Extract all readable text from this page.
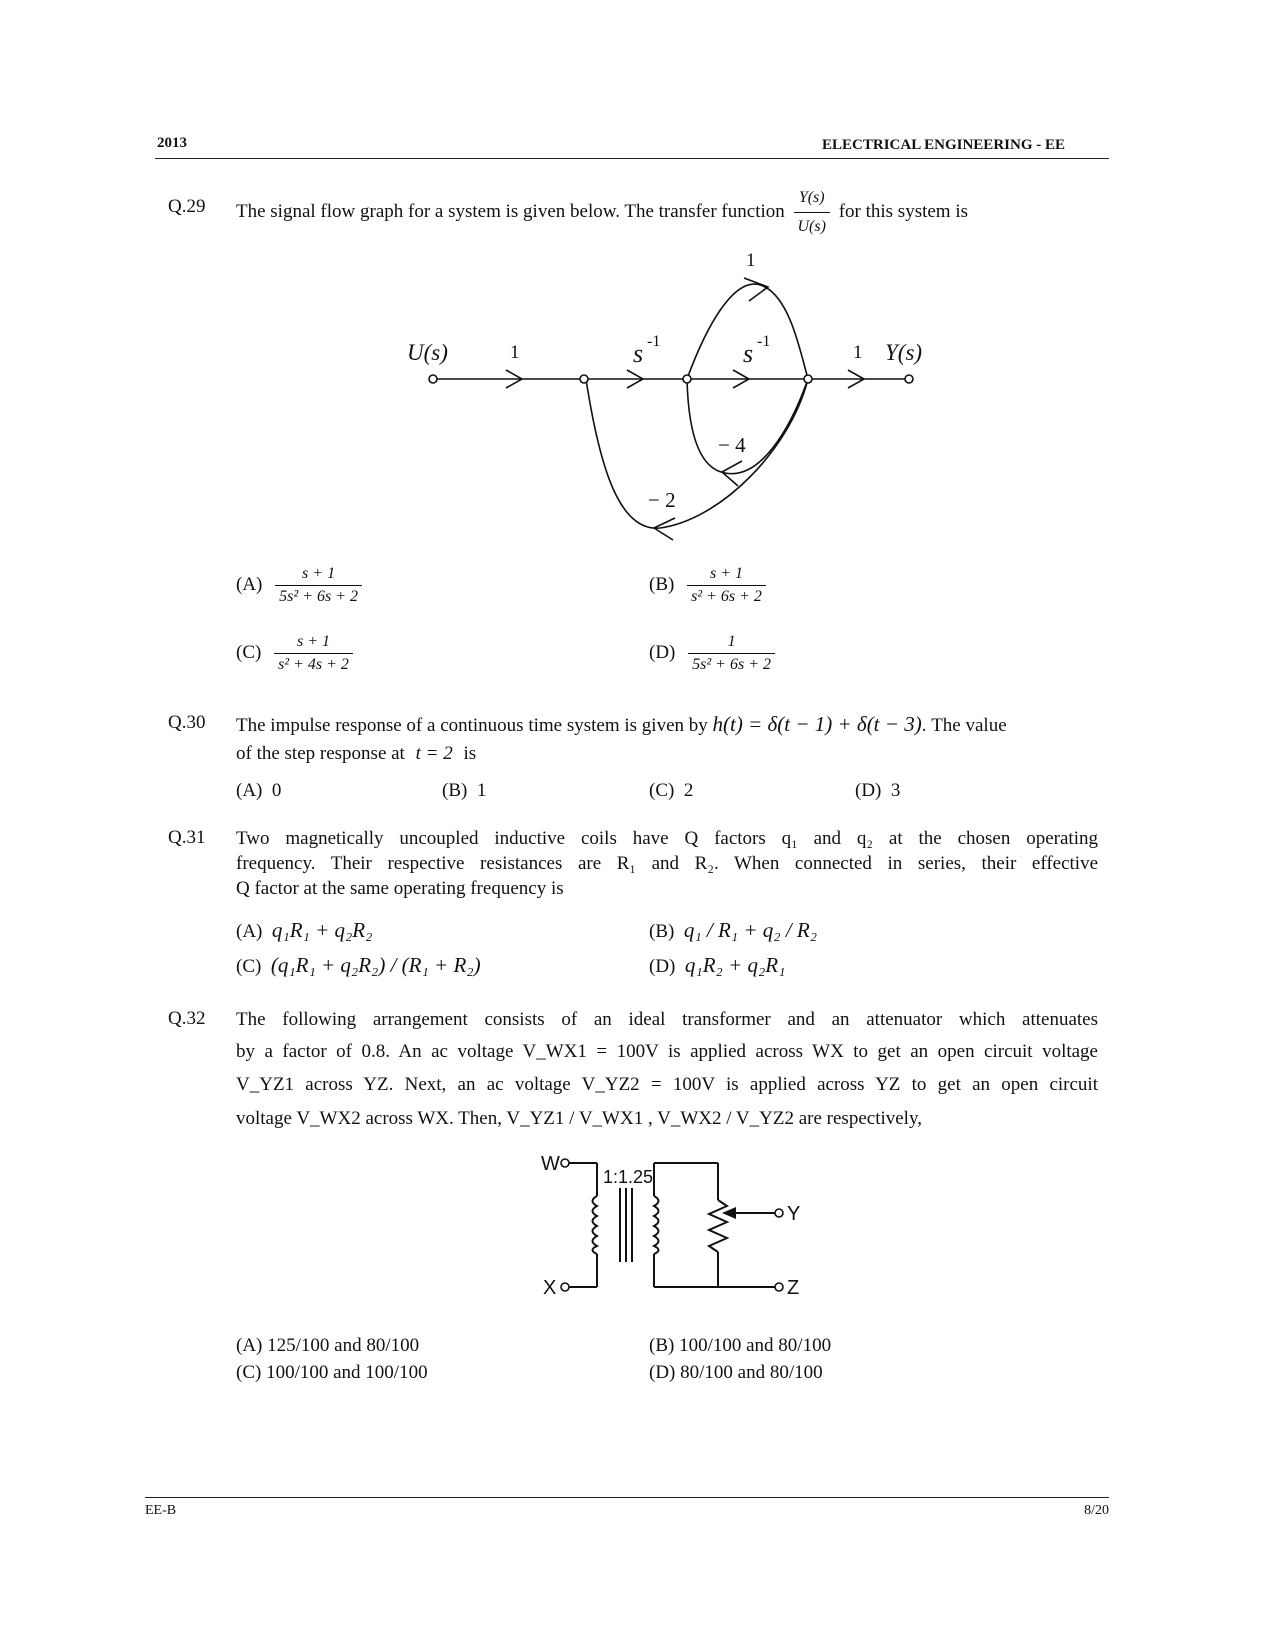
2013	ELECTRICAL ENGINEERING - EE
Q.29 The signal flow graph for a system is given below. The transfer function $\frac{Y(s)}{U(s)}$ for this system is
U(s)	Y(s)
1	s -1	s -1
1
1
− 4
− 2
$(A) \frac{s + 1}{\text{5s² + 6s + 2}}$	$(B) \frac{s + 1}{\text{s² + 6s + 2}}$
$(C) \frac{s + 1}{\text{s² + 4s + 2}}$	$(D) \frac{1}{\text{5s² + 6s + 2}}$
Q.30 The impulse response of a continuous time system is given by h(t) = δ(t − 1) + δ(t − 3). The value
of the step response at t = 2 is
(A) 0	(B) 1	(C) 2	(D) 3
Q.31 Two magnetically uncoupled inductive coils have Q factors q₁ and q₂ at the chosen operating
frequency. Their respective resistances are R₁ and R₂. When connected in series, their effective
Q factor at the same operating frequency is
(A) q₁R₁ + q₂R₂	(B) q₁ / R₁ + q₂ / R₂
(C) (q₁R₁ + q₂R₂) / (R₁ + R₂)	(D) q₁R₂ + q₂R₁
Q.32 The following arrangement consists of an ideal transformer and an attenuator which attenuates
by a factor of 0.8. An ac voltage V_WX1 = 100V is applied across WX to get an open circuit voltage
V_YZ1 across YZ. Next, an ac voltage V_YZ2 = 100V is applied across YZ to get an open circuit
voltage V_WX2 across WX. Then, V_YZ1 / V_WX1 , V_WX2 / V_YZ2 are respectively,
W
X
Y
Z
1:1.25
(A) 125/100 and 80/100	(B) 100/100 and 80/100
(C) 100/100 and 100/100	(D) 80/100 and 80/100
EE-B	8/20
